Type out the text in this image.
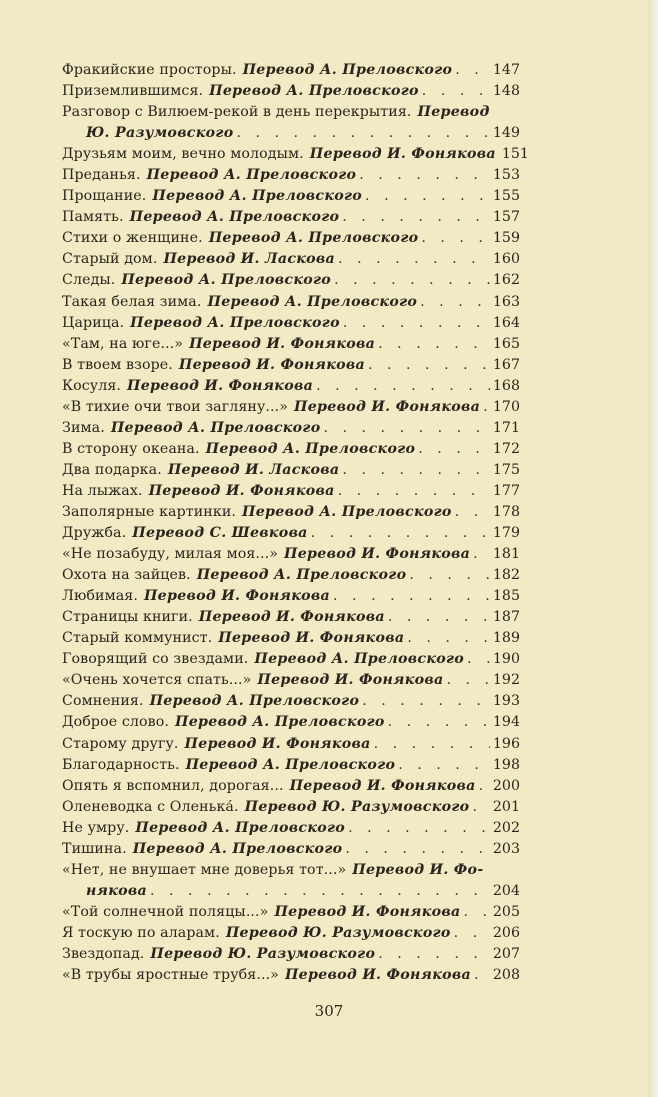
Фракийские просторы. Перевод А. Преловского . . .	147
Приземлившимся. Перевод А. Преловского . . .	148
Разговор с Вилюем-рекой в день перекрытия. Перевод
Ю. Разумовского . . .	149
Друзьям моим, вечно молодым. Перевод И. Фонякова 151
Преданья. Перевод А. Преловского . . .	153
Прощание. Перевод А. Преловского . . .	155
Память. Перевод А. Преловского . . .	157
Стихи о женщине. Перевод А. Преловского . . .	159
Старый дом. Перевод И. Ласкова . . .	160
Следы. Перевод А. Преловского . . .	162
Такая белая зима. Перевод А. Преловского . . .	163
Царица. Перевод А. Преловского . . .	164
«Там, на юге...» Перевод И. Фонякова . . .	165
В твоем взоре. Перевод И. Фонякова . . .	167
Косуля. Перевод И. Фонякова . . .	168
«В тихие очи твои загляну...» Перевод И. Фонякова . . . 170
Зима. Перевод А. Преловского . . .	171
В сторону океана. Перевод А. Преловского . . .	172
Два подарка. Перевод И. Ласкова . . .	175
На лыжах. Перевод И. Фонякова . . .	177
Заполярные картинки. Перевод А. Преловского . . .	178
Дружба. Перевод С. Шевкова . . .	179
«Не позабуду, милая моя...» Перевод И. Фонякова . . . 181
Охота на зайцев. Перевод А. Преловского . . .	182
Любимая. Перевод И. Фонякова . . .	185
Страницы книги. Перевод И. Фонякова . . .	187
Старый коммунист. Перевод И. Фонякова . . .	189
Говорящий со звездами. Перевод А. Преловского . . . 190
«Очень хочется спать...» Перевод И. Фонякова . . .	192
Сомнения. Перевод А. Преловского . . .	193
Доброе слово. Перевод А. Преловского . . .	194
Старому другу. Перевод И. Фонякова . . .	196
Благодарность. Перевод А. Преловского . . .	198
Опять я вспомнил, дорогая... Перевод И. Фонякова . . . 200
Оленеводка с Оленька́. Перевод Ю. Разумовского . . . 201
Не умру. Перевод А. Преловского . . .	202
Тишина. Перевод А. Преловского . . .	203
«Нет, не внушает мне доверья тот...» Перевод И. Фо-
някова . . .	204
«Той солнечной поляцы...» Перевод И. Фонякова . . . 205
Я тоскую по аларам. Перевод Ю. Разумовского . . .	206
Звездопад. Перевод Ю. Разумовского . . .	207
«В трубы яростные трубя...» Перевод И. Фонякова . . . 208
307
